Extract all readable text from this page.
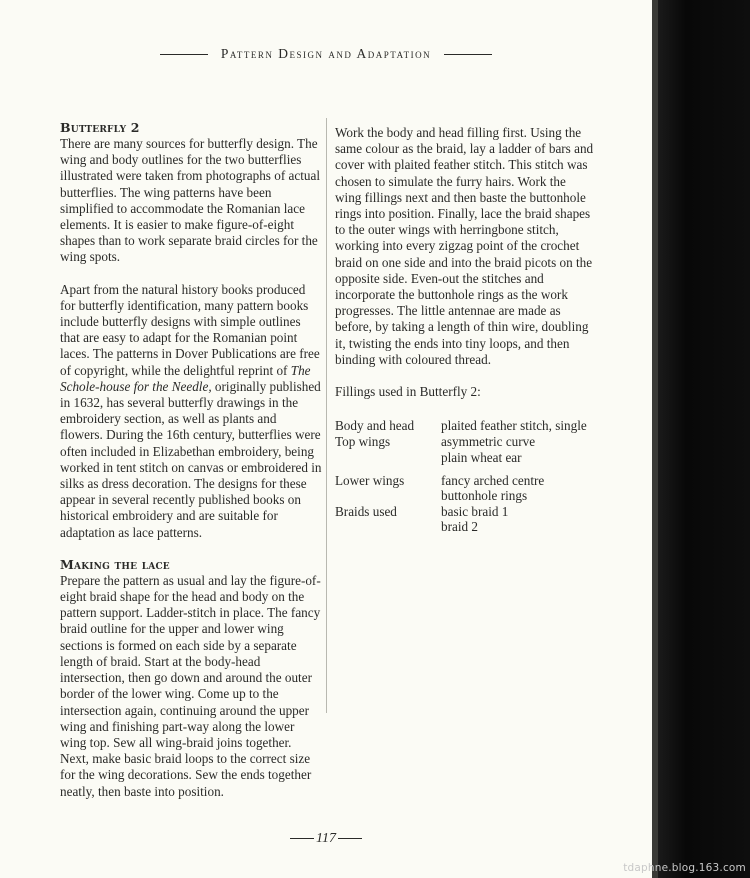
Pattern Design and Adaptation
Butterfly 2

There are many sources for butterfly design. The wing and body outlines for the two butterflies illustrated were taken from photographs of actual butterflies. The wing patterns have been simplified to accommodate the Romanian lace elements. It is easier to make figure-of-eight shapes than to work separate braid circles for the wing spots.

Apart from the natural history books produced for butterfly identification, many pattern books include butterfly designs with simple outlines that are easy to adapt for the Romanian point laces. The patterns in Dover Publications are free of copyright, while the delightful reprint of The Schole-house for the Needle, originally published in 1632, has several butterfly drawings in the embroidery section, as well as plants and flowers. During the 16th century, butterflies were often included in Elizabethan embroidery, being worked in tent stitch on canvas or embroidered in silks as dress decoration. The designs for these appear in several recently published books on historical embroidery and are suitable for adaptation as lace patterns.

Making the lace

Prepare the pattern as usual and lay the figure-of-eight braid shape for the head and body on the pattern support. Ladder-stitch in place. The fancy braid outline for the upper and lower wing sections is formed on each side by a separate length of braid. Start at the body-head intersection, then go down and around the outer border of the lower wing. Come up to the intersection again, continuing around the upper wing and finishing part-way along the lower wing top. Sew all wing-braid joins together. Next, make basic braid loops to the correct size for the wing decorations. Sew the ends together neatly, then baste into position.

Work the body and head filling first. Using the same colour as the braid, lay a ladder of bars and cover with plaited feather stitch. This stitch was chosen to simulate the furry hairs. Work the wing fillings next and then baste the buttonhole rings into position. Finally, lace the braid shapes to the outer wings with herringbone stitch, working into every zigzag point of the crochet braid on one side and into the braid picots on the opposite side. Even-out the stitches and incorporate the buttonhole rings as the work progresses. The little antennae are made as before, by taking a length of thin wire, doubling it, twisting the ends into tiny loops, and then binding with coloured thread.

Fillings used in Butterfly 2:

Body and head	plaited feather stitch, single
Top wings	asymmetric curve
plain wheat ear
Lower wings	fancy arched centre
buttonhole rings
Braids used	basic braid 1
braid 2
117
tdaphne.blog.163.com
